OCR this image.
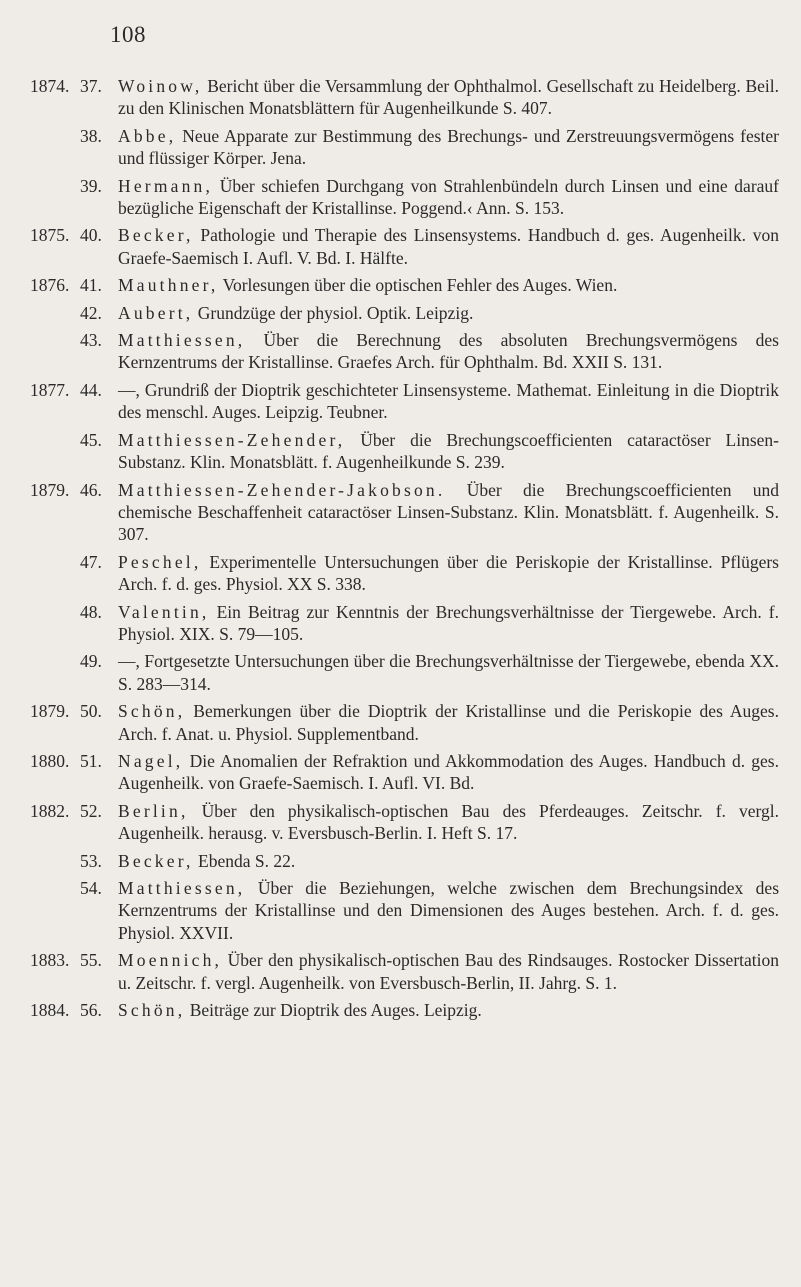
108
1874. 37. Woinow, Bericht über die Versammlung der Ophthalmol. Gesellschaft zu Heidelberg. Beil. zu den Klinischen Monatsblättern für Augenheilkunde S. 407.
38. Abbe, Neue Apparate zur Bestimmung des Brechungs- und Zerstreuungsvermögens fester und flüssiger Körper. Jena.
39. Hermann, Über schiefen Durchgang von Strahlenbündeln durch Linsen und eine darauf bezügliche Eigenschaft der Kristallinse. Poggend.‹ Ann. S. 153.
1875. 40. Becker, Pathologie und Therapie des Linsensystems. Handbuch d. ges. Augenheilk. von Graefe-Saemisch I. Aufl. V. Bd. I. Hälfte.
1876. 41. Mauthner, Vorlesungen über die optischen Fehler des Auges. Wien.
42. Aubert, Grundzüge der physiol. Optik. Leipzig.
43. Matthiessen, Über die Berechnung des absoluten Brechungsvermögens des Kernzentrums der Kristallinse. Graefes Arch. für Ophthalm. Bd. XXII S. 131.
1877. 44. —, Grundriß der Dioptrik geschichteter Linsensysteme. Mathemat. Einleitung in die Dioptrik des menschl. Auges. Leipzig. Teubner.
45. Matthiessen-Zehender, Über die Brechungscoefficienten cataractöser Linsen-Substanz. Klin. Monatsblätt. f. Augenheilkunde S. 239.
1879. 46. Matthiessen-Zehender-Jakobson. Über die Brechungscoefficienten und chemische Beschaffenheit cataractöser Linsen-Substanz. Klin. Monatsblätt. f. Augenheilk. S. 307.
47. Peschel, Experimentelle Untersuchungen über die Periskopie der Kristallinse. Pflügers Arch. f. d. ges. Physiol. XX S. 338.
48. Valentin, Ein Beitrag zur Kenntnis der Brechungsverhältnisse der Tiergewebe. Arch. f. Physiol. XIX. S. 79—105.
49. —, Fortgesetzte Untersuchungen über die Brechungsverhältnisse der Tiergewebe, ebenda XX. S. 283—314.
1879. 50. Schön, Bemerkungen über die Dioptrik der Kristallinse und die Periskopie des Auges. Arch. f. Anat. u. Physiol. Supplementband.
1880. 51. Nagel, Die Anomalien der Refraktion und Akkommodation des Auges. Handbuch d. ges. Augenheilk. von Graefe-Saemisch. I. Aufl. VI. Bd.
1882. 52. Berlin, Über den physikalisch-optischen Bau des Pferdeauges. Zeitschr. f. vergl. Augenheilk. herausg. v. Eversbusch-Berlin. I. Heft S. 17.
53. Becker, Ebenda S. 22.
54. Matthiessen, Über die Beziehungen, welche zwischen dem Brechungsindex des Kernzentrums der Kristallinse und den Dimensionen des Auges bestehen. Arch. f. d. ges. Physiol. XXVII.
1883. 55. Moennich, Über den physikalisch-optischen Bau des Rindsauges. Rostocker Dissertation u. Zeitschr. f. vergl. Augenheilk. von Eversbusch-Berlin, II. Jahrg. S. 1.
1884. 56. Schön, Beiträge zur Dioptrik des Auges. Leipzig.
